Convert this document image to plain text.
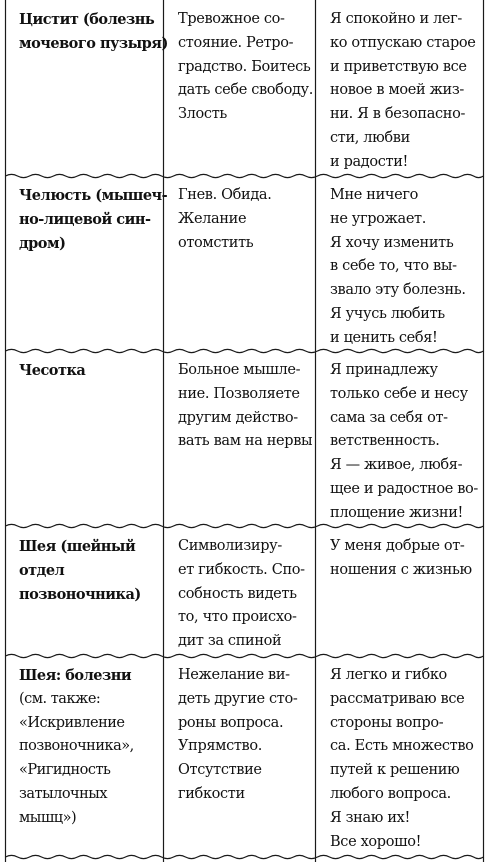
Цистит (болезнь
мочевого пузыря)
Тревожное со-
стояние. Ретро-
градство. Боитесь
дать себе свободу.
Злость
Я спокойно и лег-
ко отпускаю старое
и приветствую все
новое в моей жиз-
ни. Я в безопасно-
сти, любви
и радости!
Челюсть (мышеч-
но-лицевой син-
дром)
Гнев. Обида.
Желание
отомстить
Мне ничего
не угрожает.
Я хочу изменить
в себе то, что вы-
звало эту болезнь.
Я учусь любить
и ценить себя!
Чесотка	Больное мышле-
ние. Позволяете
другим действо-
вать вам на нервы
Я принадлежу
только себе и несу
сама за себя от-
ветственность.
Я — живое, любя-
щее и радостное во-
площение жизни!
Шея (шейный
отдел
позвоночника)
Символизиру-
ет гибкость. Спо-
собность видеть
то, что происхо-
дит за спиной
У меня добрые от-
ношения с жизнью
Шея: болезни
(см. также:
«Искривление
позвоночника»,
«Ригидность
затылочных
мышц»)
Нежелание ви-
деть другие сто-
роны вопроса.
Упрямство.
Отсутствие
гибкости
Я легко и гибко
рассматриваю все
стороны вопро-
са. Есть множество
путей к решению
любого вопроса.
Я знаю их!
Все хорошо!
